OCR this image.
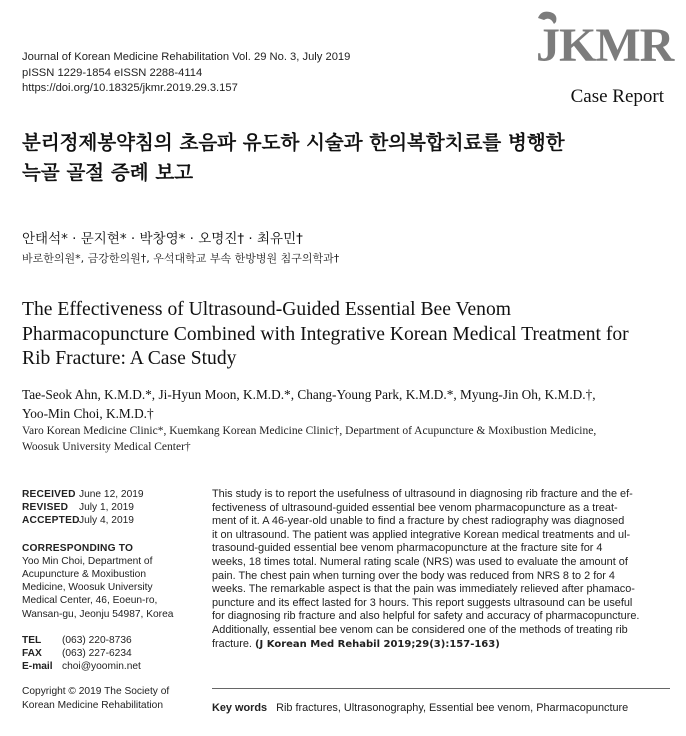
Journal of Korean Medicine Rehabilitation Vol. 29 No. 3, July 2019
pISSN 1229-1854 eISSN 2288-4114
https://doi.org/10.18325/jkmr.2019.29.3.157
JKMR
Case Report
분리정제봉약침의 초음파 유도하 시술과 한의복합치료를 병행한
늑골 골절 증례 보고
안태석* · 문지현* · 박창영* · 오명진† · 최유민†
바로한의원*, 금강한의원†, 우석대학교 부속 한방병원 침구의학과†
The Effectiveness of Ultrasound-Guided Essential Bee Venom
Pharmacopuncture Combined with Integrative Korean Medical Treatment for
Rib Fracture: A Case Study
Tae-Seok Ahn, K.M.D.*, Ji-Hyun Moon, K.M.D.*, Chang-Young Park, K.M.D.*, Myung-Jin Oh, K.M.D.†,
Yoo-Min Choi, K.M.D.†
Varo Korean Medicine Clinic*, Kuemkang Korean Medicine Clinic†, Department of Acupuncture & Moxibustion Medicine,
Woosuk University Medical Center†
RECEIVED June 12, 2019
REVISED	July 1, 2019
ACCEPTED July 4, 2019
CORRESPONDING TO
Yoo Min Choi, Department of
Acupuncture & Moxibustion
Medicine, Woosuk University
Medical Center, 46, Eoeun-ro,
Wansan-gu, Jeonju 54987, Korea
TEL	(063) 220-8736
FAX	(063) 227-6234
E-mail choi@yoomin.net
Copyright © 2019 The Society of
Korean Medicine Rehabilitation
This study is to report the usefulness of ultrasound in diagnosing rib fracture and the ef-
fectiveness of ultrasound-guided essential bee venom pharmacopuncture as a treat-
ment of it. A 46-year-old unable to find a fracture by chest radiography was diagnosed
it on ultrasound. The patient was applied integrative Korean medical treatments and ul-
trasound-guided essential bee venom pharmacopuncture at the fracture site for 4
weeks, 18 times total. Numeral rating scale (NRS) was used to evaluate the amount of
pain. The chest pain when turning over the body was reduced from NRS 8 to 2 for 4
weeks. The remarkable aspect is that the pain was immediately relieved after phamaco-
puncture and its effect lasted for 3 hours. This report suggests ultrasound can be useful
for diagnosing rib fracture and also helpful for safety and accuracy of pharmacopuncture.
Additionally, essential bee venom can be considered one of the methods of treating rib
fracture. (J Korean Med Rehabil 2019;29(3):157-163)
Key words Rib fractures, Ultrasonography, Essential bee venom, Pharmacopuncture
